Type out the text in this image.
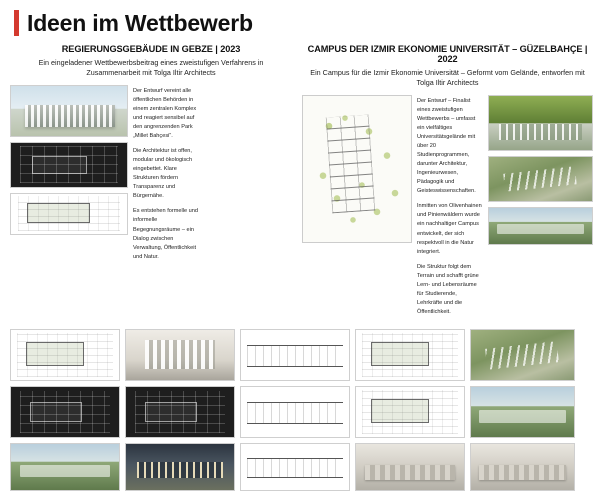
Ideen im Wettbewerb
REGIERUNGSGEBÄUDE IN GEBZE | 2023
Ein eingeladener Wettbewerbsbeitrag eines zweistufigen Verfahrens in Zusammenarbeit mit Tolga Iltir Architects

Der Entwurf vereint alle öffentlichen Behörden in einem zentralen Komplex und reagiert sensibel auf den angrenzenden Park „Millet Bahçesi“.

Die Architektur ist offen, modular und ökologisch eingebettet. Klare Strukturen fördern Transparenz und Bürgernähe.

Es entstehen formelle und informelle Begegnungsräume – ein Dialog zwischen Verwaltung, Öffentlichkeit und Natur.

CAMPUS DER IZMIR EKONOMIE UNIVERSITÄT – GÜZELBAHÇE | 2022
Ein Campus für die Izmir Ekonomie Universität – Geformt vom Gelände, entworfen mit Tolga Iltir Architects

Der Entwurf – Finalist eines zweistufigen Wettbewerbs – umfasst ein vielfältiges Universitätsgelände mit über 20 Studienprogrammen, darunter Architektur, Ingenieurwesen, Pädagogik und Geisteswissenschaften.

Inmitten von Olivenhainen und Pinienwäldern wurde ein nachhaltiger Campus entwickelt, der sich respektvoll in die Natur integriert.

Die Struktur folgt dem Terrain und schafft grüne Lern- und Lebensräume für Studierende, Lehrkräfte und die Öffentlichkeit.
